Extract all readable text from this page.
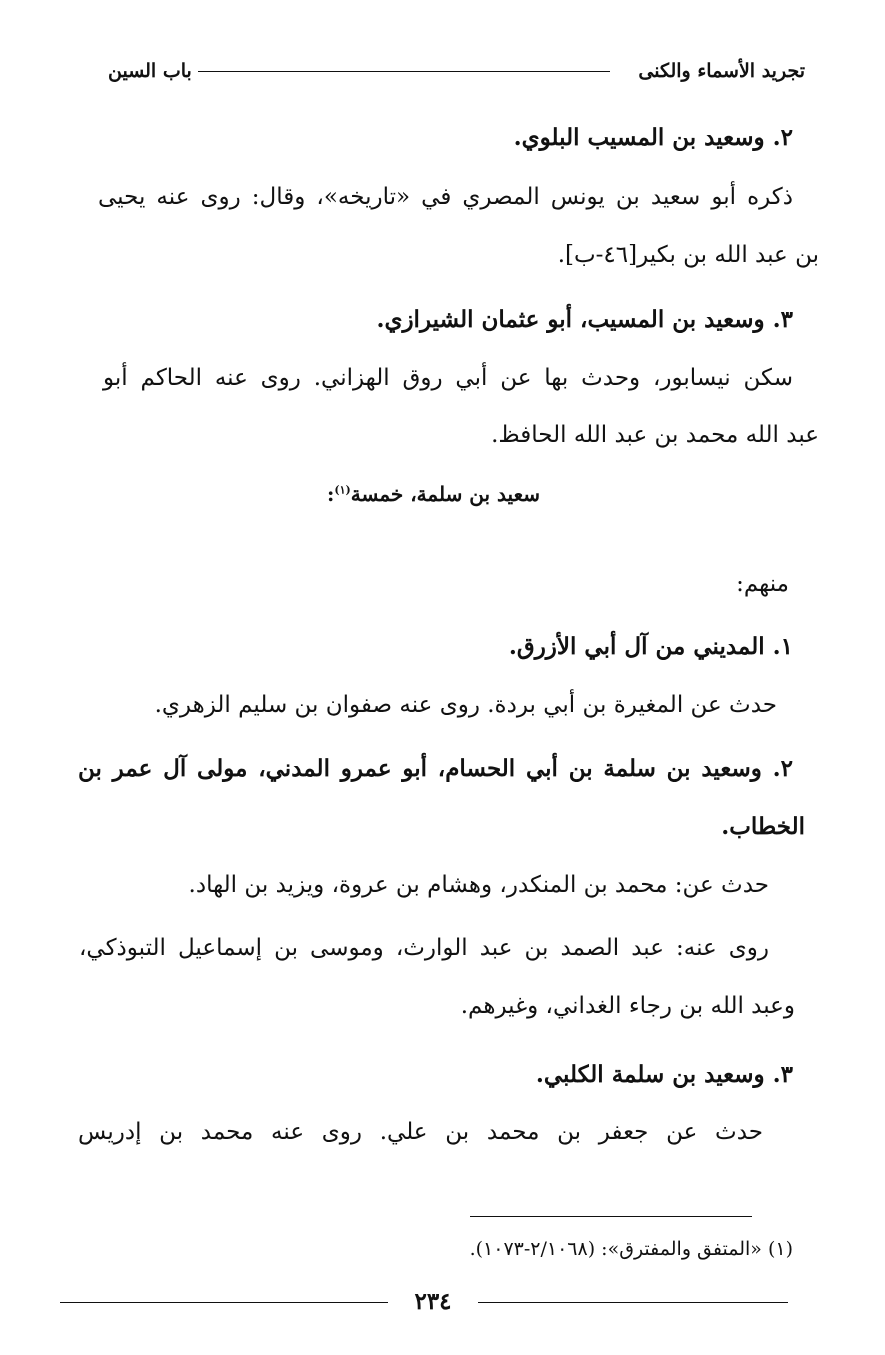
تجريد الأسماء والكنى
باب السين
٢. وسعيد بن المسيب البلوي.
ذكره أبو سعيد بن يونس المصري في «تاريخه»، وقال: روى عنه يحيى
بن عبد الله بن بكير[٤٦-ب].
٣. وسعيد بن المسيب، أبو عثمان الشيرازي.
سكن نيسابور، وحدث بها عن أبي روق الهزاني. روى عنه الحاكم أبو
عبد الله محمد بن عبد الله الحافظ.
سعيد بن سلمة، خمسة$^{(١)}$:
منهم:
١. المديني من آل أبي الأزرق.
حدث عن المغيرة بن أبي بردة. روى عنه صفوان بن سليم الزهري.
٢. وسعيد بن سلمة بن أبي الحسام، أبو عمرو المدني، مولى آل عمر بن
الخطاب.
حدث عن: محمد بن المنكدر، وهشام بن عروة، ويزيد بن الهاد.
روى عنه: عبد الصمد بن عبد الوارث، وموسى بن إسماعيل التبوذكي،
وعبد الله بن رجاء الغداني، وغيرهم.
٣. وسعيد بن سلمة الكلبي.
حدث عن جعفر بن محمد بن علي. روى عنه محمد بن إدريس
(١) «المتفق والمفترق»: (٢/١٠٦٨-١٠٧٣).
٢٣٤
